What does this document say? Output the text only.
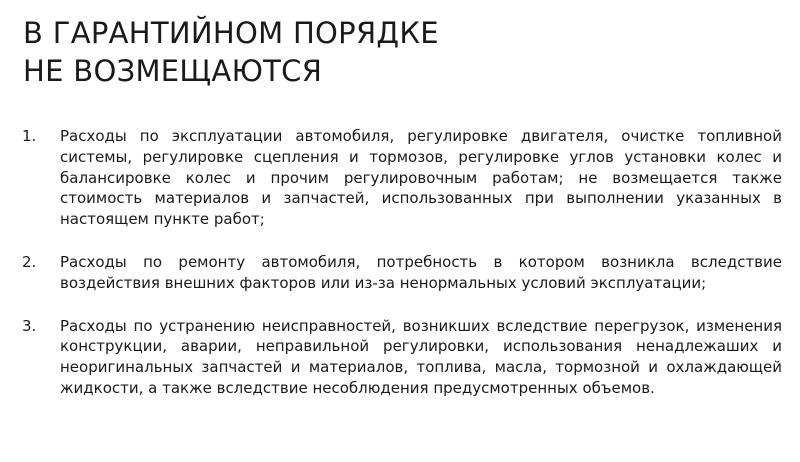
В ГАРАНТИЙНОМ ПОРЯДКЕ
НЕ ВОЗМЕЩАЮТСЯ
1. Расходы по эксплуатации автомобиля, регулировке двигателя, очистке топливной системы, регулировке сцепления и тормозов, регулировке углов установки колес и балансировке колес и прочим регулировочным работам; не возмещается также стоимость материалов и запчастей, использованных при выполнении указанных в настоящем пункте работ;
2. Расходы по ремонту автомобиля, потребность в котором возникла вследствие воздействия внешних факторов или из-за ненормальных условий эксплуатации;
3. Расходы по устранению неисправностей, возникших вследствие перегрузок, изменения конструкции, аварии, неправильной регулировки, использования ненадлежаших и неоригинальных запчастей и материалов, топлива, масла, тормозной и охлаждающей жидкости, а также вследствие несоблюдения предусмотренных объемов.
